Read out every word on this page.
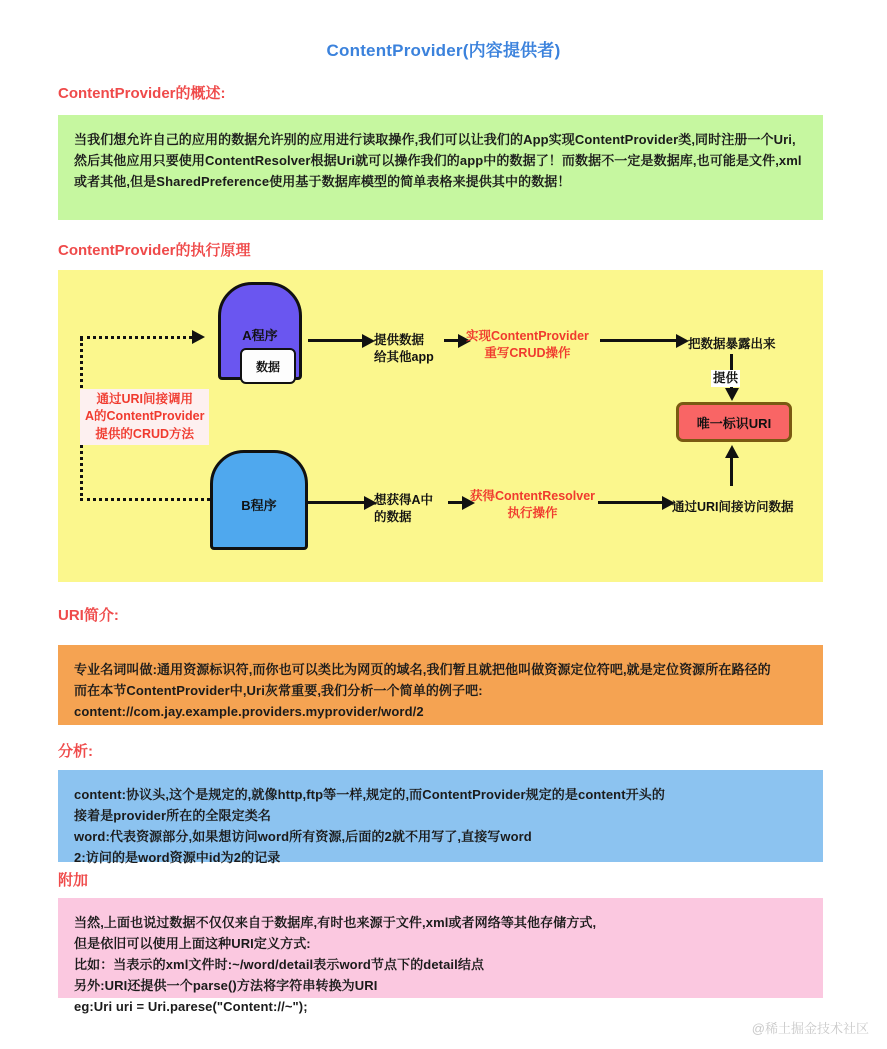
ContentProvider(内容提供者)
ContentProvider的概述:

当我们想允许自己的应用的数据允许别的应用进行读取操作,我们可以让我们的App实现ContentProvider类,同时注册一个Uri,

然后其他应用只要使用ContentResolver根据Uri就可以操作我们的app中的数据了！而数据不一定是数据库,也可能是文件,xml

或者其他,但是SharedPreference使用基于数据库模型的简单表格来提供其中的数据！

ContentProvider的执行原理
通过URI间接调用
A的ContentProvider
提供的CRUD方法
A程序
数据
B程序
提供数据
给其他app
实现ContentProvider
重写CRUD操作
把数据暴露出来
提供
唯一标识URI
想获得A中
的数据
获得ContentResolver
执行操作	通过URI间接访问数据
URI简介:

专业名词叫做:通用资源标识符,而你也可以类比为网页的域名,我们暂且就把他叫做资源定位符吧,就是定位资源所在路径的

而在本节ContentProvider中,Uri灰常重要,我们分析一个简单的例子吧:

content://com.jay.example.providers.myprovider/word/2

分析:

content:协议头,这个是规定的,就像http,ftp等一样,规定的,而ContentProvider规定的是content开头的

接着是provider所在的全限定类名

word:代表资源部分,如果想访问word所有资源,后面的2就不用写了,直接写word

2:访问的是word资源中id为2的记录

附加

当然,上面也说过数据不仅仅来自于数据库,有时也来源于文件,xml或者网络等其他存储方式,

但是依旧可以使用上面这种URI定义方式:

比如：当表示的xml文件时:~/word/detail表示word节点下的detail结点

另外:URI还提供一个parse()方法将字符串转换为URI

eg:Uri uri = Uri.parese("Content://~");

@稀土掘金技术社区
